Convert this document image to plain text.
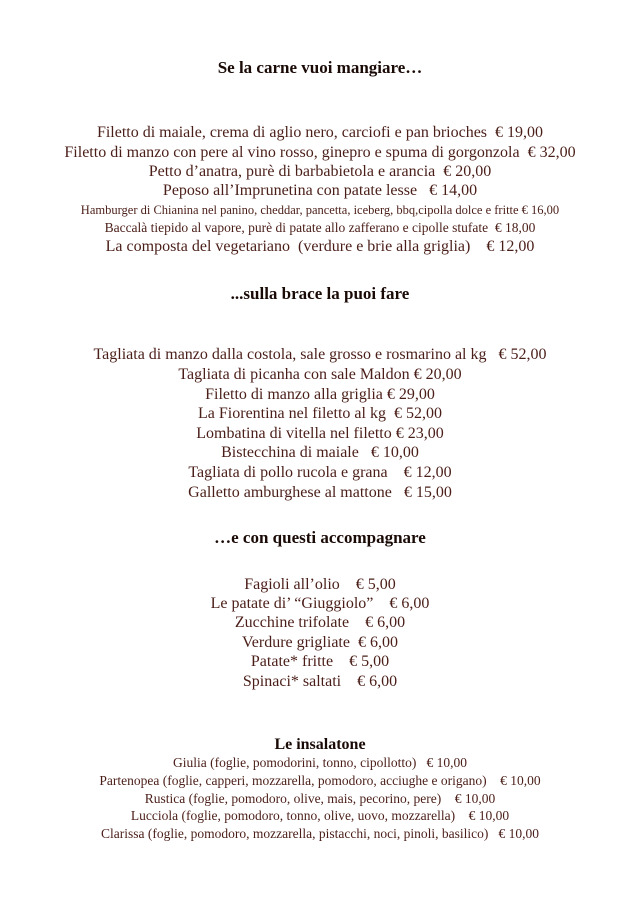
Se la carne vuoi mangiare…
Filetto di maiale, crema di aglio nero, carciofi e pan brioches  € 19,00
Filetto di manzo con pere al vino rosso, ginepro e spuma di gorgonzola  € 32,00
Petto d’anatra, purè di barbabietola e arancia  € 20,00
Peposo all’Imprunetina con patate lesse   € 14,00
Hamburger di Chianina nel panino, cheddar, pancetta, iceberg, bbq,cipolla dolce e fritte € 16,00
Baccalà tiepido al vapore, purè di patate allo zafferano e cipolle stufate  € 18,00
La composta del vegetariano  (verdure e brie alla griglia)    € 12,00
...sulla brace la puoi fare
Tagliata di manzo dalla costola, sale grosso e rosmarino al kg   € 52,00
Tagliata di picanha con sale Maldon € 20,00
Filetto di manzo alla griglia € 29,00
La Fiorentina nel filetto al kg  € 52,00
Lombatina di vitella nel filetto € 23,00
Bistecchina di maiale   € 10,00
Tagliata di pollo rucola e grana    € 12,00
Galletto amburghese al mattone   € 15,00
…e con questi accompagnare
Fagioli all’olio    € 5,00
Le patate di’ “Giuggiolo”    € 6,00
Zucchine trifolate    € 6,00
Verdure grigliate  € 6,00
Patate* fritte    € 5,00
Spinaci* saltati    € 6,00
Le insalatone
Giulia (foglie, pomodorini, tonno, cipollotto)   € 10,00
Partenopea (foglie, capperi, mozzarella, pomodoro, acciughe e origano)    € 10,00
Rustica (foglie, pomodoro, olive, mais, pecorino, pere)    € 10,00
Lucciola (foglie, pomodoro, tonno, olive, uovo, mozzarella)    € 10,00
Clarissa (foglie, pomodoro, mozzarella, pistacchi, noci, pinoli, basilico)   € 10,00
